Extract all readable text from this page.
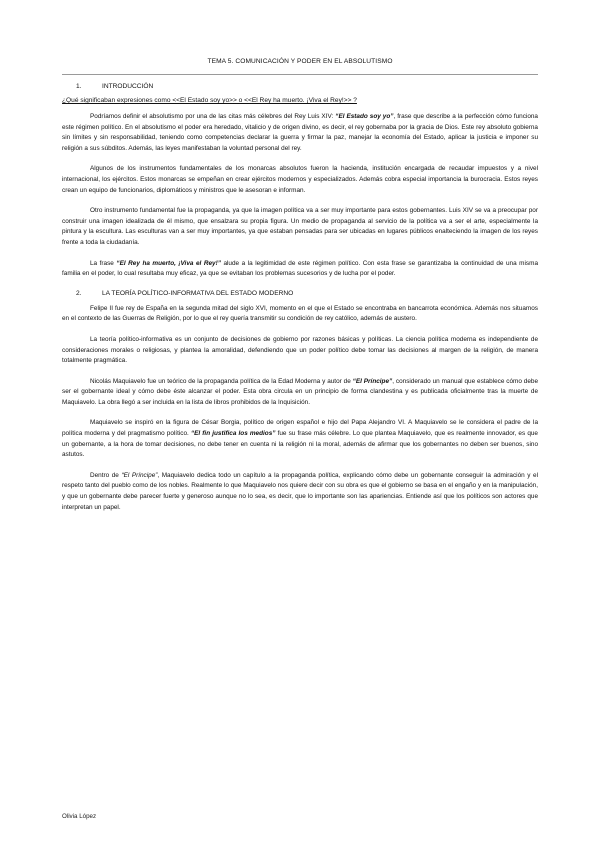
TEMA 5. COMUNICACIÓN Y PODER EN EL ABSOLUTISMO
1.	INTRODUCCIÓN
¿Qué significaban expresiones como <<El Estado soy yo>> o <<El Rey ha muerto. ¡Viva el Rey!>> ?

Podríamos definir el absolutismo por una de las citas más célebres del Rey Luis XIV: “El Estado soy yo”, frase que describe a la perfección cómo funciona este régimen político. En el absolutismo el poder era heredado, vitalicio y de origen divino, es decir, el rey gobernaba por la gracia de Dios. Este rey absoluto gobierna sin límites y sin responsabilidad, teniendo como competencias declarar la guerra y firmar la paz, manejar la economía del Estado, aplicar la justicia e imponer su religión a sus súbditos. Además, las leyes manifestaban la voluntad personal del rey.

Algunos de los instrumentos fundamentales de los monarcas absolutos fueron la hacienda, institución encargada de recaudar impuestos y a nivel internacional, los ejércitos. Estos monarcas se empeñan en crear ejércitos modernos y especializados. Además cobra especial importancia la burocracia. Estos reyes crean un equipo de funcionarios, diplomáticos y ministros que le asesoran e informan.

Otro instrumento fundamental fue la propaganda, ya que la imagen política va a ser muy importante para estos gobernantes. Luis XIV se va a preocupar por construir una imagen idealizada de él mismo, que ensalzara su propia figura. Un medio de propaganda al servicio de la política va a ser el arte, especialmente la pintura y la escultura. Las esculturas van a ser muy importantes, ya que estaban pensadas para ser ubicadas en lugares públicos enalteciendo la imagen de los reyes frente a toda la ciudadanía.

La frase “El Rey ha muerto, ¡Viva el Rey!” alude a la legitimidad de este régimen político. Con esta frase se garantizaba la continuidad de una misma familia en el poder, lo cual resultaba muy eficaz, ya que se evitaban los problemas sucesorios y de lucha por el poder.

2.	LA TEORÍA POLÍTICO-INFORMATIVA DEL ESTADO MODERNO

Felipe II fue rey de España en la segunda mitad del siglo XVI, momento en el que el Estado se encontraba en bancarrota económica. Además nos situamos en el contexto de las Guerras de Religión, por lo que el rey quería transmitir su condición de rey católico, además de austero.

La teoría político-informativa es un conjunto de decisiones de gobierno por razones básicas y políticas. La ciencia política moderna es independiente de consideraciones morales o religiosas, y plantea la amoralidad, defendiendo que un poder político debe tomar las decisiones al margen de la religión, de manera totalmente pragmática.

Nicolás Maquiavelo fue un teórico de la propaganda política de la Edad Moderna y autor de “El Príncipe”, considerado un manual que establece cómo debe ser el gobernante ideal y cómo debe éste alcanzar el poder. Esta obra circula en un principio de forma clandestina y es publicada oficialmente tras la muerte de Maquiavelo. La obra llegó a ser incluida en la lista de libros prohibidos de la Inquisición.

Maquiavelo se inspiró en la figura de César Borgia, político de origen español e hijo del Papa Alejandro VI. A Maquiavelo se le considera el padre de la política moderna y del pragmatismo político. “El fin justifica los medios” fue su frase más célebre. Lo que plantea Maquiavelo, que es realmente innovador, es que un gobernante, a la hora de tomar decisiones, no debe tener en cuenta ni la religión ni la moral, además de afirmar que los gobernantes no deben ser buenos, sino astutos.

Dentro de “El Príncipe”, Maquiavelo dedica todo un capítulo a la propaganda política, explicando cómo debe un gobernante conseguir la admiración y el respeto tanto del pueblo como de los nobles. Realmente lo que Maquiavelo nos quiere decir con su obra es que el gobierno se basa en el engaño y en la manipulación, y que un gobernante debe parecer fuerte y generoso aunque no lo sea, es decir, que lo importante son las apariencias. Entiende así que los políticos son actores que interpretan un papel.

Olivia López
